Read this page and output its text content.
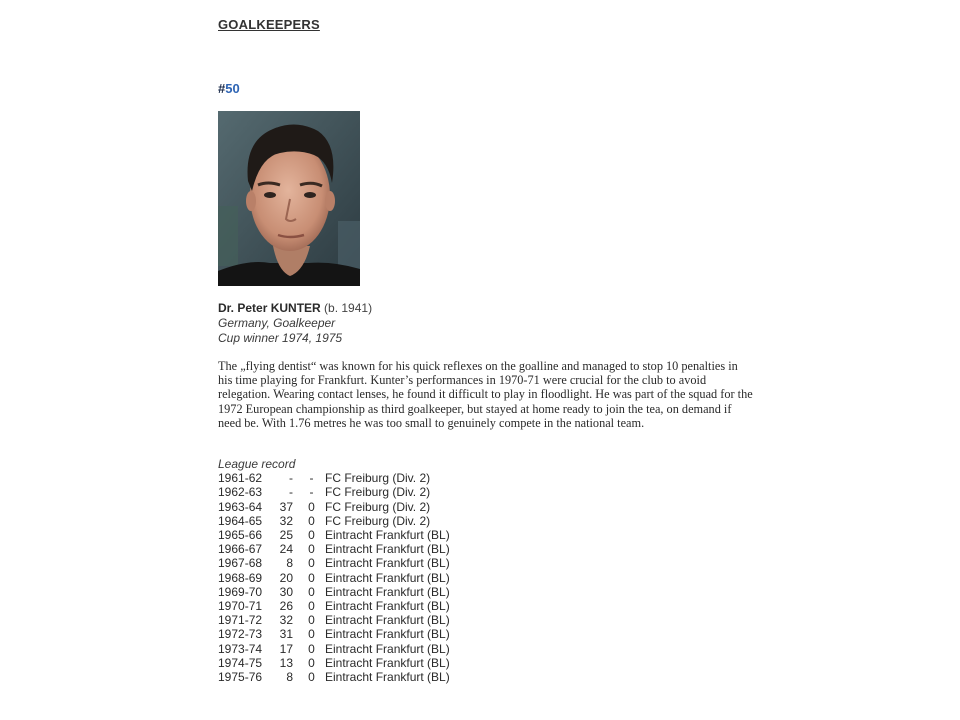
GOALKEEPERS
#50
Dr. Peter KUNTER (b. 1941)
Germany, Goalkeeper
Cup winner 1974, 1975

The „flying dentist“ was known for his quick reflexes on the goalline and managed to stop 10 penalties in his time playing for Frankfurt. Kunter’s performances in 1970-71 were crucial for the club to avoid relegation. Wearing contact lenses, he found it difficult to play in floodlight. He was part of the squad for the 1972 European championship as third goalkeeper, but stayed at home ready to join the tea, on demand if need be. With 1.76 metres he was too small to genuinely compete in the national team.

League record
1961-62	-	-	FC Freiburg (Div. 2)
1962-63	-	-	FC Freiburg (Div. 2)
1963-64	37	0	FC Freiburg (Div. 2)
1964-65	32	0	FC Freiburg (Div. 2)
1965-66	25	0	Eintracht Frankfurt (BL)
1966-67	24	0	Eintracht Frankfurt (BL)
1967-68	8	0	Eintracht Frankfurt (BL)
1968-69	20	0	Eintracht Frankfurt (BL)
1969-70	30	0	Eintracht Frankfurt (BL)
1970-71	26	0	Eintracht Frankfurt (BL)
1971-72	32	0	Eintracht Frankfurt (BL)
1972-73	31	0	Eintracht Frankfurt (BL)
1973-74	17	0	Eintracht Frankfurt (BL)
1974-75	13	0	Eintracht Frankfurt (BL)
1975-76	8	0	Eintracht Frankfurt (BL)
